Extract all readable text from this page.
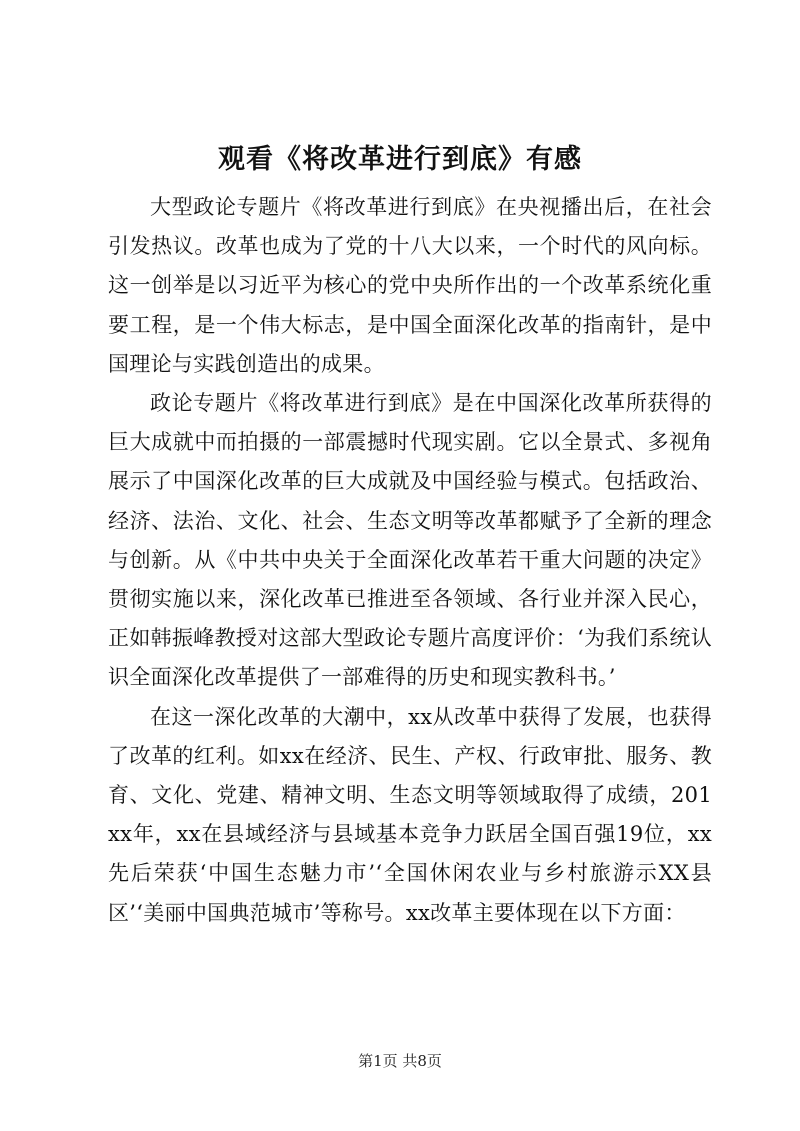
观看《将改革进行到底》有感

大型政论专题片《将改革进行到底》在央视播出后，在社会引发热议。改革也成为了党的十八大以来，一个时代的风向标。这一创举是以习近平为核心的党中央所作出的一个改革系统化重要工程，是一个伟大标志，是中国全面深化改革的指南针，是中国理论与实践创造出的成果。

政论专题片《将改革进行到底》是在中国深化改革所获得的巨大成就中而拍摄的一部震撼时代现实剧。它以全景式、多视角展示了中国深化改革的巨大成就及中国经验与模式。包括政治、经济、法治、文化、社会、生态文明等改革都赋予了全新的理念与创新。从《中共中央关于全面深化改革若干重大问题的决定》贯彻实施以来，深化改革已推进至各领域、各行业并深入民心，正如韩振峰教授对这部大型政论专题片高度评价：‘为我们系统认识全面深化改革提供了一部难得的历史和现实教科书。’

在这一深化改革的大潮中，xx从改革中获得了发展，也获得了改革的红利。如xx在经济、民生、产权、行政审批、服务、教育、文化、党建、精神文明、生态文明等领域取得了成绩，201xx年，xx在县域经济与县域基本竞争力跃居全国百强19位，xx先后荣获‘中国生态魅力市’‘全国休闲农业与乡村旅游示XX县区’‘美丽中国典范城市’等称号。xx改革主要体现在以下方面：

第1页 共8页
